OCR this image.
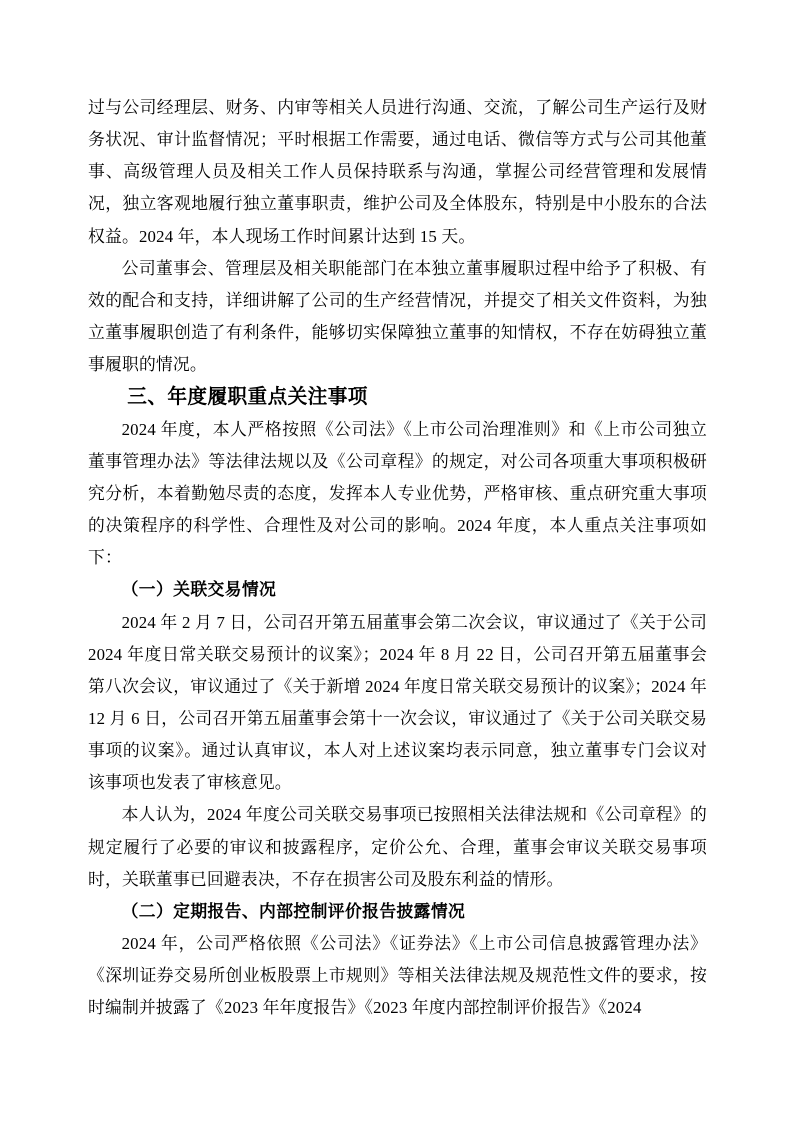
过与公司经理层、财务、内审等相关人员进行沟通、交流，了解公司生产运行及财务状况、审计监督情况；平时根据工作需要，通过电话、微信等方式与公司其他董事、高级管理人员及相关工作人员保持联系与沟通，掌握公司经营管理和发展情况，独立客观地履行独立董事职责，维护公司及全体股东，特别是中小股东的合法权益。2024 年，本人现场工作时间累计达到 15 天。

公司董事会、管理层及相关职能部门在本独立董事履职过程中给予了积极、有效的配合和支持，详细讲解了公司的生产经营情况，并提交了相关文件资料，为独立董事履职创造了有利条件，能够切实保障独立董事的知情权，不存在妨碍独立董事履职的情况。

三、年度履职重点关注事项

2024 年度，本人严格按照《公司法》《上市公司治理准则》和《上市公司独立董事管理办法》等法律法规以及《公司章程》的规定，对公司各项重大事项积极研究分析，本着勤勉尽责的态度，发挥本人专业优势，严格审核、重点研究重大事项的决策程序的科学性、合理性及对公司的影响。2024 年度，本人重点关注事项如下：

（一）关联交易情况

2024 年 2 月 7 日，公司召开第五届董事会第二次会议，审议通过了《关于公司 2024 年度日常关联交易预计的议案》；2024 年 8 月 22 日，公司召开第五届董事会第八次会议，审议通过了《关于新增 2024 年度日常关联交易预计的议案》；2024 年 12 月 6 日，公司召开第五届董事会第十一次会议，审议通过了《关于公司关联交易事项的议案》。通过认真审议，本人对上述议案均表示同意，独立董事专门会议对该事项也发表了审核意见。

本人认为，2024 年度公司关联交易事项已按照相关法律法规和《公司章程》的规定履行了必要的审议和披露程序，定价公允、合理，董事会审议关联交易事项时，关联董事已回避表决，不存在损害公司及股东利益的情形。

（二）定期报告、内部控制评价报告披露情况

2024 年，公司严格依照《公司法》《证券法》《上市公司信息披露管理办法》《深圳证券交易所创业板股票上市规则》等相关法律法规及规范性文件的要求，按时编制并披露了《2023 年年度报告》《2023 年度内部控制评价报告》《2024
